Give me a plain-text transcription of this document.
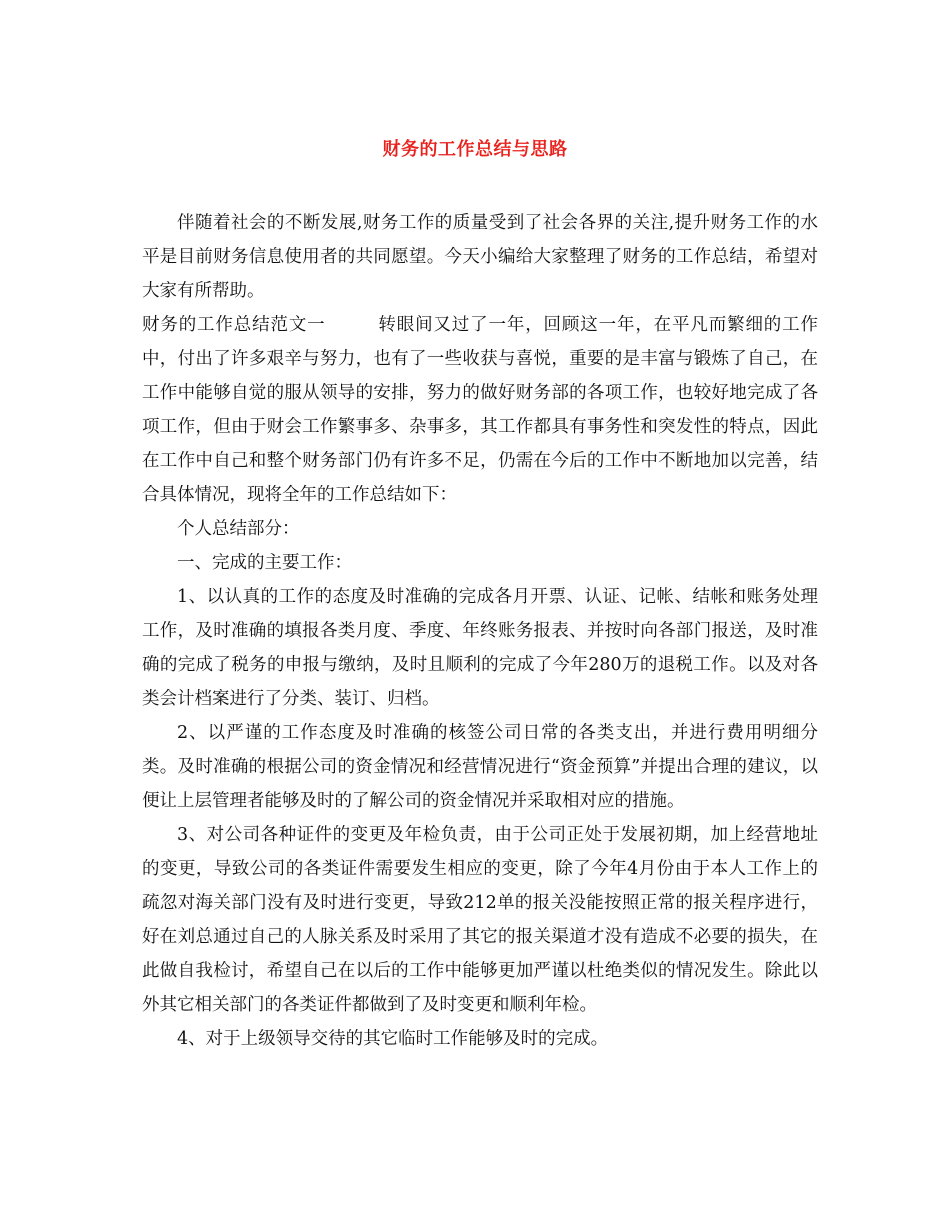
财务的工作总结与思路

伴随着社会的不断发展,财务工作的质量受到了社会各界的关注,提升财务工作的水平是目前财务信息使用者的共同愿望。今天小编给大家整理了财务的工作总结，希望对大家有所帮助。

财务的工作总结范文一	转眼间又过了一年，回顾这一年，在平凡而繁细的工作中，付出了许多艰辛与努力，也有了一些收获与喜悦，重要的是丰富与锻炼了自己，在工作中能够自觉的服从领导的安排，努力的做好财务部的各项工作，也较好地完成了各项工作，但由于财会工作繁事多、杂事多，其工作都具有事务性和突发性的特点，因此在工作中自己和整个财务部门仍有许多不足，仍需在今后的工作中不断地加以完善，结合具体情况，现将全年的工作总结如下：

个人总结部分：

一、完成的主要工作：

1、以认真的工作的态度及时准确的完成各月开票、认证、记帐、结帐和账务处理工作，及时准确的填报各类月度、季度、年终账务报表、并按时向各部门报送，及时准确的完成了税务的申报与缴纳，及时且顺利的完成了今年280万的退税工作。以及对各类会计档案进行了分类、装订、归档。

2、以严谨的工作态度及时准确的核签公司日常的各类支出，并进行费用明细分类。及时准确的根据公司的资金情况和经营情况进行“资金预算”并提出合理的建议，以便让上层管理者能够及时的了解公司的资金情况并采取相对应的措施。

3、对公司各种证件的变更及年检负责，由于公司正处于发展初期，加上经营地址的变更，导致公司的各类证件需要发生相应的变更，除了今年4月份由于本人工作上的疏忽对海关部门没有及时进行变更，导致212单的报关没能按照正常的报关程序进行，好在刘总通过自己的人脉关系及时采用了其它的报关渠道才没有造成不必要的损失，在此做自我检讨，希望自己在以后的工作中能够更加严谨以杜绝类似的情况发生。除此以外其它相关部门的各类证件都做到了及时变更和顺利年检。

4、对于上级领导交待的其它临时工作能够及时的完成。
